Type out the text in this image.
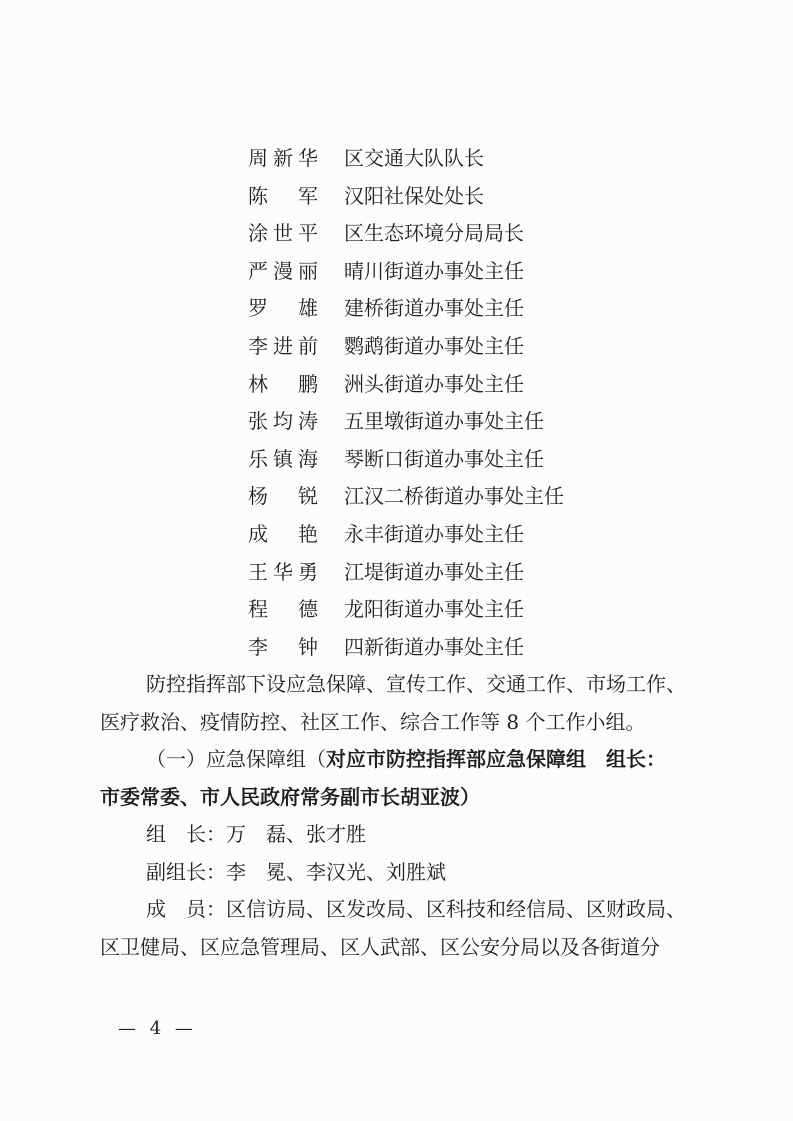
周新华 区交通大队队长
陈　军 汉阳社保处处长
涂世平 区生态环境分局局长
严漫丽 晴川街道办事处主任
罗　雄 建桥街道办事处主任
李进前 鹦鹉街道办事处主任
林　鹏 洲头街道办事处主任
张均涛 五里墩街道办事处主任
乐镇海 琴断口街道办事处主任
杨　锐 江汉二桥街道办事处主任
成　艳 永丰街道办事处主任
王华勇 江堤街道办事处主任
程　德 龙阳街道办事处主任
李　钟 四新街道办事处主任
防控指挥部下设应急保障、宣传工作、交通工作、市场工作、
医疗救治、疫情防控、社区工作、综合工作等 8 个工作小组。
（一）应急保障组（对应市防控指挥部应急保障组　组长：
市委常委、市人民政府常务副市长胡亚波）
组　长：万　磊、张才胜
副组长：李　冕、李汉光、刘胜斌
成　员：区信访局、区发改局、区科技和经信局、区财政局、
区卫健局、区应急管理局、区人武部、区公安分局以及各街道分
— 4 —
